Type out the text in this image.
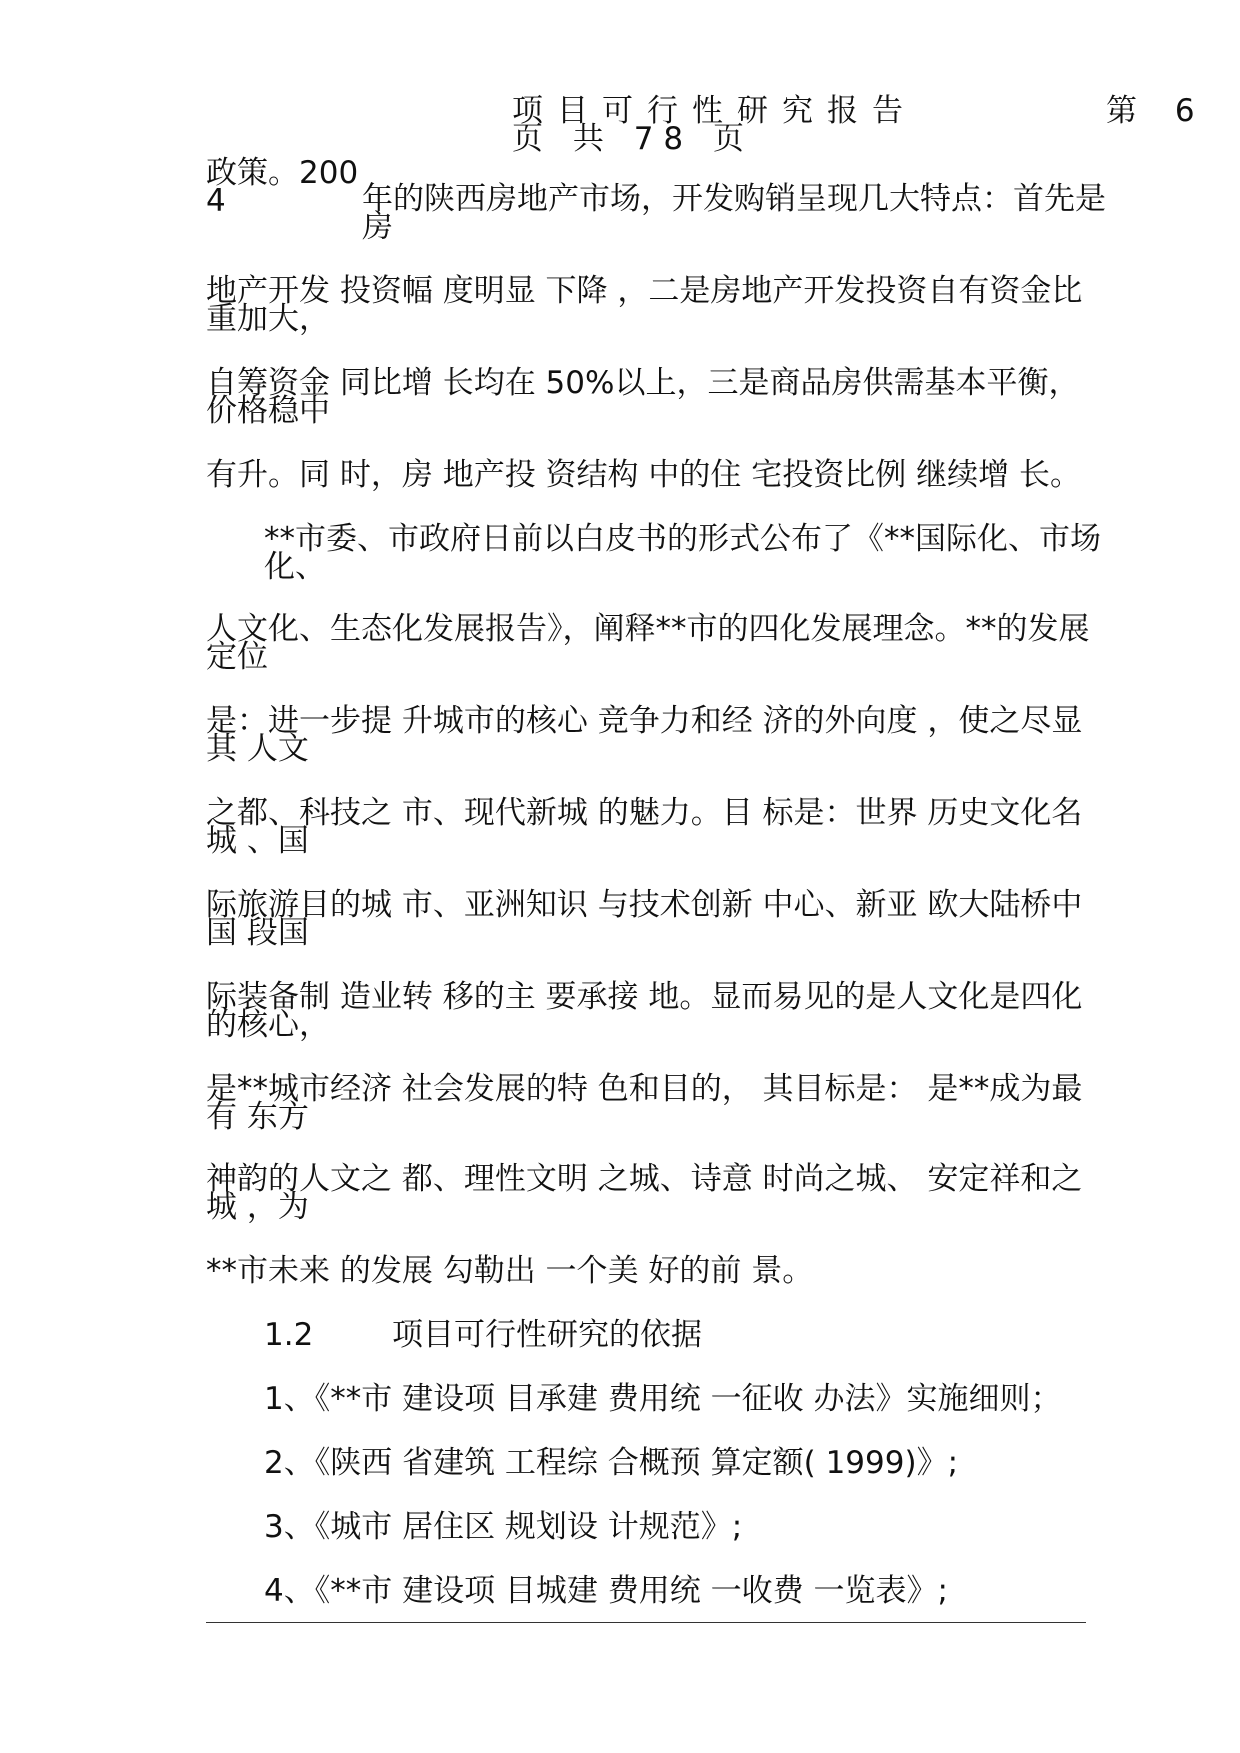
项目可行性研究报告	第 6
页 共 78 页
政策。200
4	年的陕西房地产市场，开发购销呈现几大特点：首先是
房
地产开发 投资幅 度明显 下降 ，二是房地产开发投资自有资金比
重加大，
自筹资金 同比增 长均在 50%以上，三是商品房供需基本平衡，
价格稳中
有升。同 时，房 地产投 资结构 中的住 宅投资比例 继续增 长。
**市委、市政府日前以白皮书的形式公布了《**国际化、市场
化、
人文化、生态化发展报告》，阐释**市的四化发展理念。**的发展
定位
是：进一步提 升城市的核心 竞争力和经 济的外向度 ，使之尽显
其 人文
之都、科技之 市、现代新城 的魅力。目 标是：世界 历史文化名
城 、国
际旅游目的城 市、亚洲知识 与技术创新 中心、新亚 欧大陆桥中
国 段国
际装备制 造业转 移的主 要承接 地。显而易见的是人文化是四化
的核心，
是**城市经济 社会发展的特 色和目的， 其目标是： 是**成为最
有 东方
神韵的人文之 都、理性文明 之城、诗意 时尚之城、 安定祥和之
城 ，为
**市未来 的发展 勾勒出 一个美 好的前 景。
1.2	项目可行性研究的依据
1、《**市 建设项 目承建 费用统 一征收 办法》实施细则；
2、《陕西 省建筑 工程综 合概预 算定额( 1999)》;
3、《城市 居住区 规划设 计规范》;
4、《**市 建设项 目城建 费用统 一收费 一览表》;
